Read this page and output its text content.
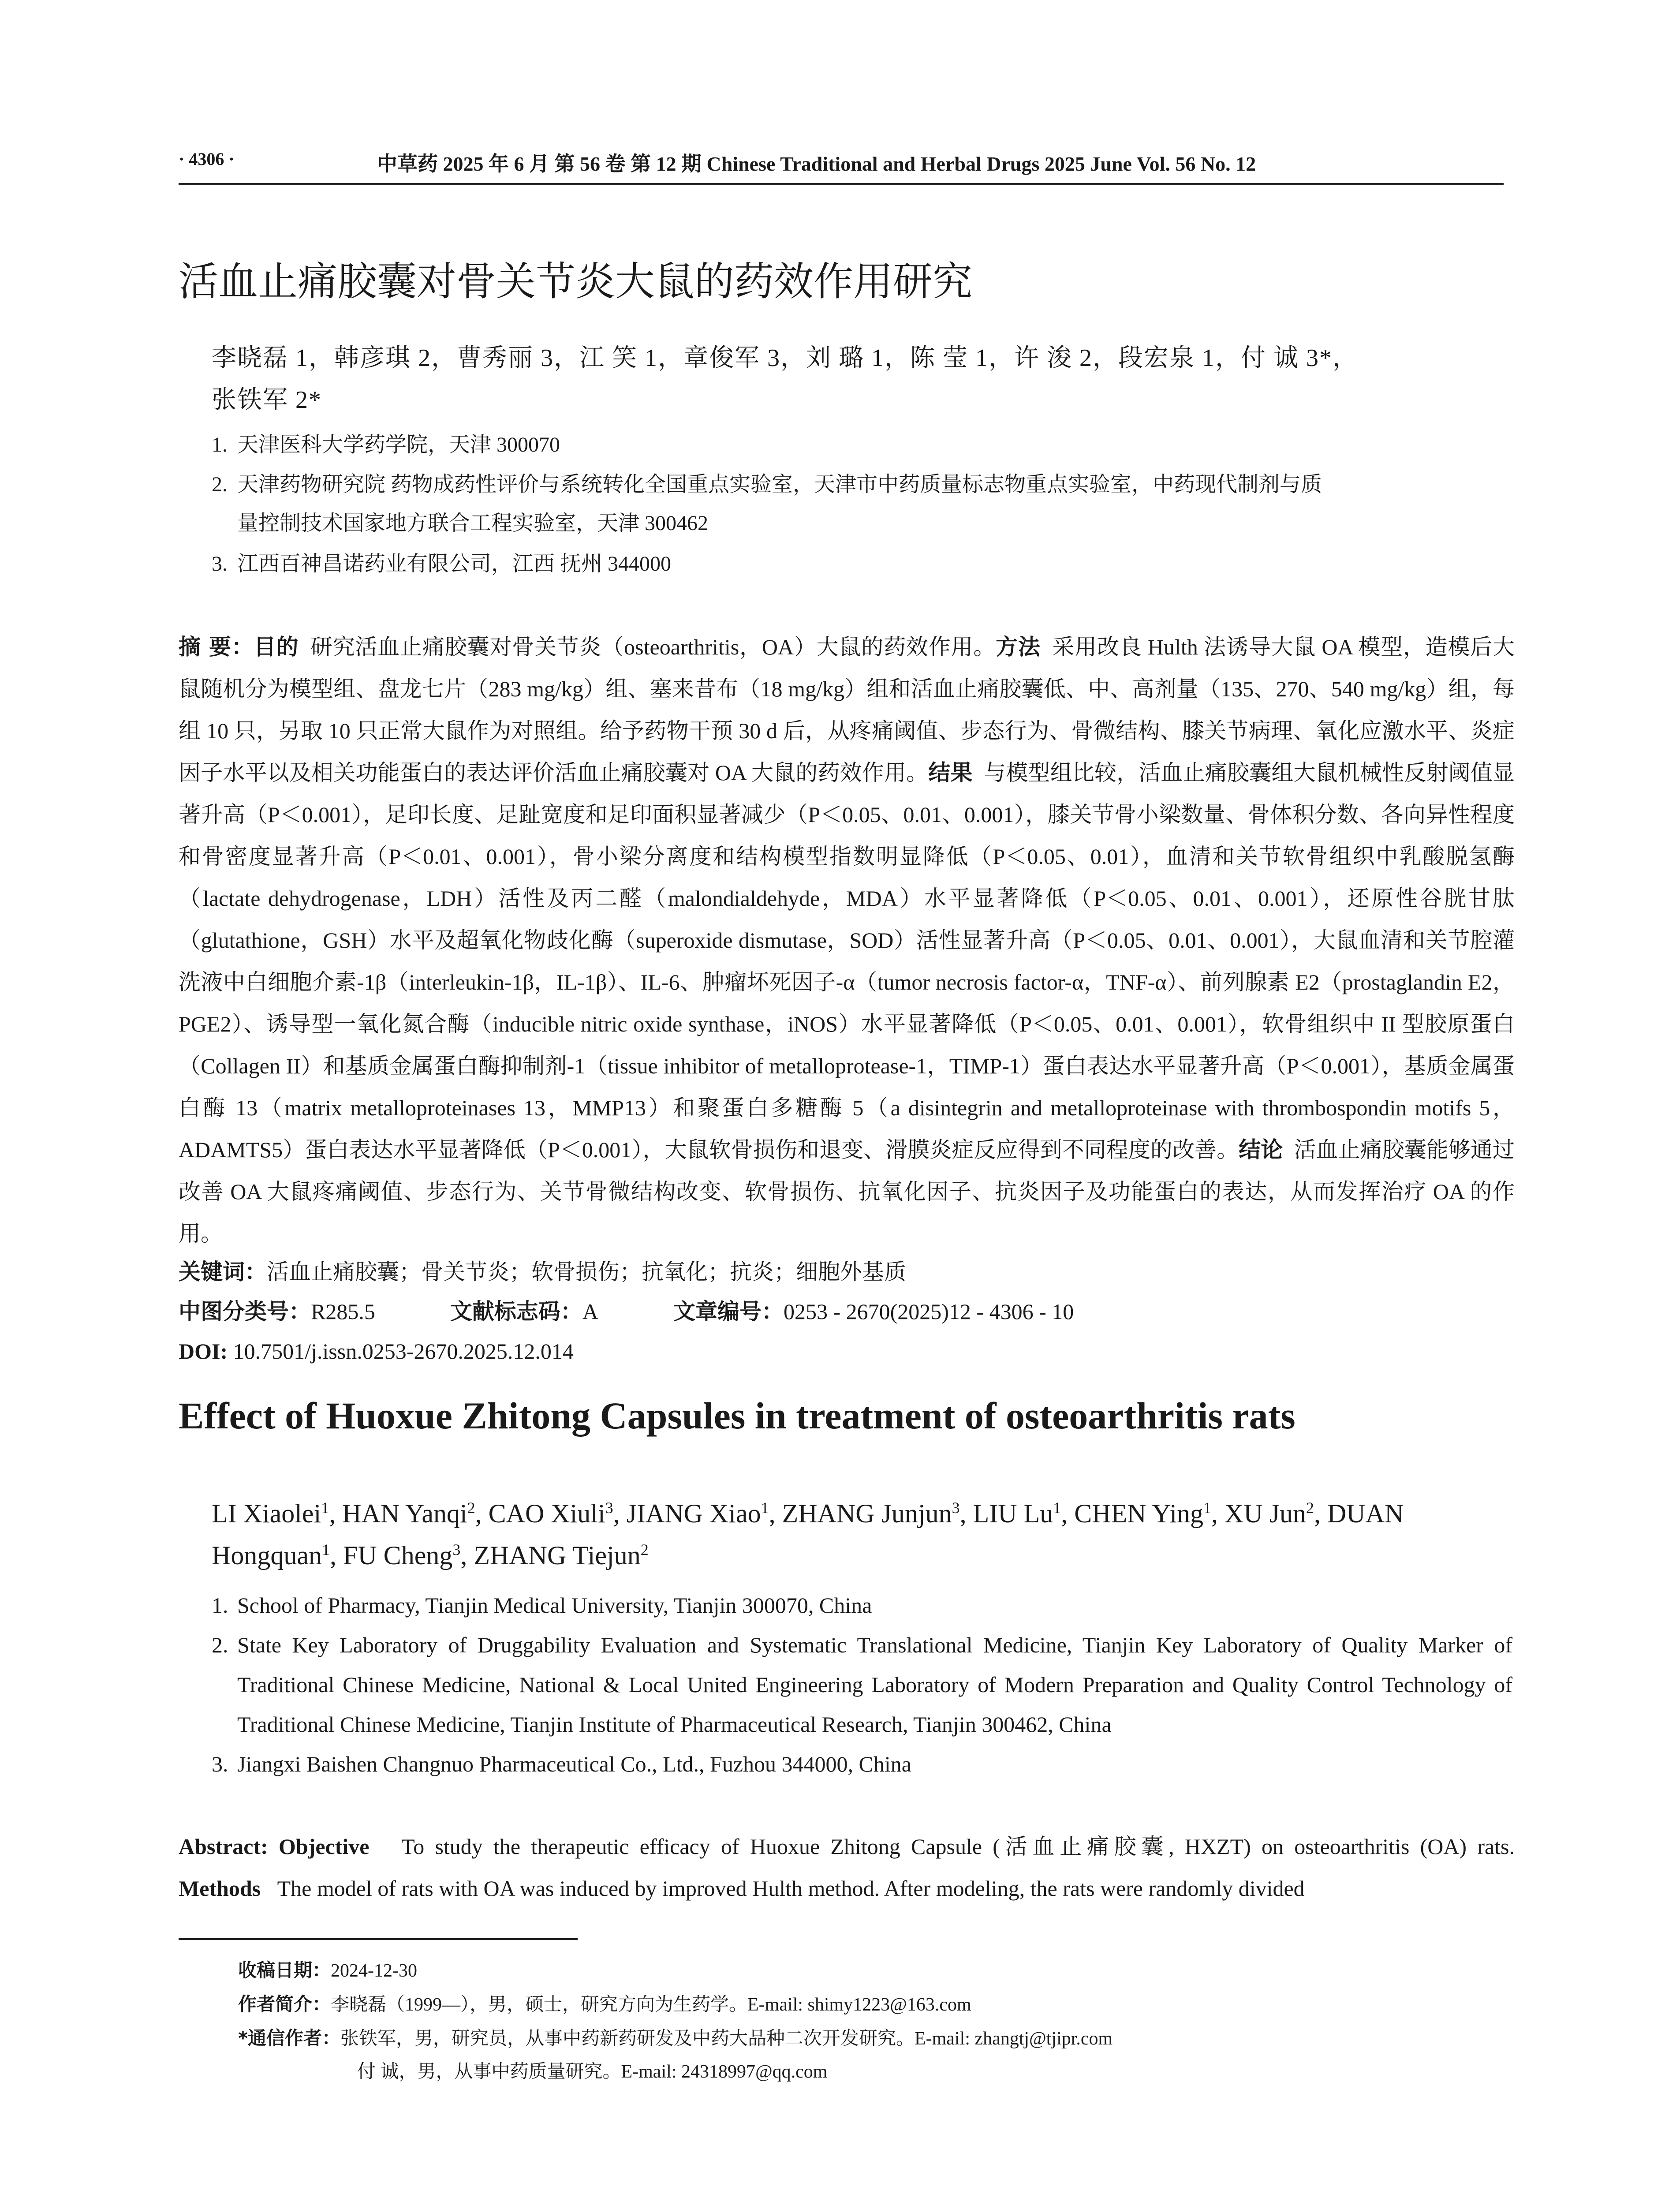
· 4306 ·	中草药 2025 年 6 月 第 56 卷 第 12 期 Chinese Traditional and Herbal Drugs 2025 June Vol. 56 No. 12
活血止痛胶囊对骨关节炎大鼠的药效作用研究
李晓磊 1，韩彦琪 2，曹秀丽 3，江 笑 1，章俊军 3，刘 璐 1，陈 莹 1，许 浚 2，段宏泉 1，付 诚 3*，
张铁军 2*
1. 天津医科大学药学院，天津 300070
2. 天津药物研究院 药物成药性评价与系统转化全国重点实验室，天津市中药质量标志物重点实验室，中药现代制剂与质
量控制技术国家地方联合工程实验室，天津 300462
3. 江西百神昌诺药业有限公司，江西 抚州 344000
摘 要：目的 研究活血止痛胶囊对骨关节炎（osteoarthritis，OA）大鼠的药效作用。方法 采用改良 Hulth 法诱导大鼠 OA 模型，造模后大鼠随机分为模型组、盘龙七片（283 mg/kg）组、塞来昔布（18 mg/kg）组和活血止痛胶囊低、中、高剂量（135、270、540 mg/kg）组，每组 10 只，另取 10 只正常大鼠作为对照组。给予药物干预 30 d 后，从疼痛阈值、步态行为、骨微结构、膝关节病理、氧化应激水平、炎症因子水平以及相关功能蛋白的表达评价活血止痛胶囊对 OA 大鼠的药效作用。结果 与模型组比较，活血止痛胶囊组大鼠机械性反射阈值显著升高（P＜0.001），足印长度、足趾宽度和足印面积显著减少（P＜0.05、0.01、0.001），膝关节骨小梁数量、骨体积分数、各向异性程度和骨密度显著升高（P＜0.01、0.001），骨小梁分离度和结构模型指数明显降低（P＜0.05、0.01），血清和关节软骨组织中乳酸脱氢酶（lactate dehydrogenase，LDH）活性及丙二醛（malondialdehyde，MDA）水平显著降低（P＜0.05、0.01、0.001），还原性谷胱甘肽（glutathione，GSH）水平及超氧化物歧化酶（superoxide dismutase，SOD）活性显著升高（P＜0.05、0.01、0.001），大鼠血清和关节腔灌洗液中白细胞介素-1β（interleukin-1β，IL-1β）、IL-6、肿瘤坏死因子-α（tumor necrosis factor-α，TNF-α）、前列腺素 E2（prostaglandin E2，PGE2）、诱导型一氧化氮合酶（inducible nitric oxide synthase，iNOS）水平显著降低（P＜0.05、0.01、0.001），软骨组织中 II 型胶原蛋白（Collagen II）和基质金属蛋白酶抑制剂-1（tissue inhibitor of metalloprotease-1，TIMP-1）蛋白表达水平显著升高（P＜0.001），基质金属蛋白酶 13（matrix metalloproteinases 13，MMP13）和聚蛋白多糖酶 5（a disintegrin and metalloproteinase with thrombospondin motifs 5，ADAMTS5）蛋白表达水平显著降低（P＜0.001），大鼠软骨损伤和退变、滑膜炎症反应得到不同程度的改善。结论 活血止痛胶囊能够通过改善 OA 大鼠疼痛阈值、步态行为、关节骨微结构改变、软骨损伤、抗氧化因子、抗炎因子及功能蛋白的表达，从而发挥治疗 OA 的作用。
关键词：活血止痛胶囊；骨关节炎；软骨损伤；抗氧化；抗炎；细胞外基质
中图分类号：R285.5	文献标志码：A	文章编号：0253 - 2670(2025)12 - 4306 - 10
DOI: 10.7501/j.issn.0253-2670.2025.12.014
Effect of Huoxue Zhitong Capsules in treatment of osteoarthritis rats
LI Xiaolei$^1$, HAN Yanqi$^2$, CAO Xiuli$^3$, JIANG Xiao$^1$, ZHANG Junjun$^3$, LIU Lu$^1$, CHEN Ying$^1$, XU Jun$^2$, DUAN
Hongquan$^1$, FU Cheng$^3$, ZHANG Tiejun$^2$
1. School of Pharmacy, Tianjin Medical University, Tianjin 300070, China
2. State Key Laboratory of Druggability Evaluation and Systematic Translational Medicine, Tianjin Key Laboratory of Quality Marker of Traditional Chinese Medicine, National & Local United Engineering Laboratory of Modern Preparation and Quality Control Technology of Traditional Chinese Medicine, Tianjin Institute of Pharmaceutical Research, Tianjin 300462, China
3. Jiangxi Baishen Changnuo Pharmaceutical Co., Ltd., Fuzhou 344000, China
Abstract: Objective To study the therapeutic efficacy of Huoxue Zhitong Capsule (活血止痛胶囊, HXZT) on osteoarthritis (OA) rats. Methods The model of rats with OA was induced by improved Hulth method. After modeling, the rats were randomly divided
收稿日期：2024-12-30
作者简介：李晓磊（1999—），男，硕士，研究方向为生药学。E-mail: shimy1223@163.com
*通信作者：张铁军，男，研究员，从事中药新药研发及中药大品种二次开发研究。E-mail: zhangtj@tjipr.com
付 诚，男，从事中药质量研究。E-mail: 24318997@qq.com
